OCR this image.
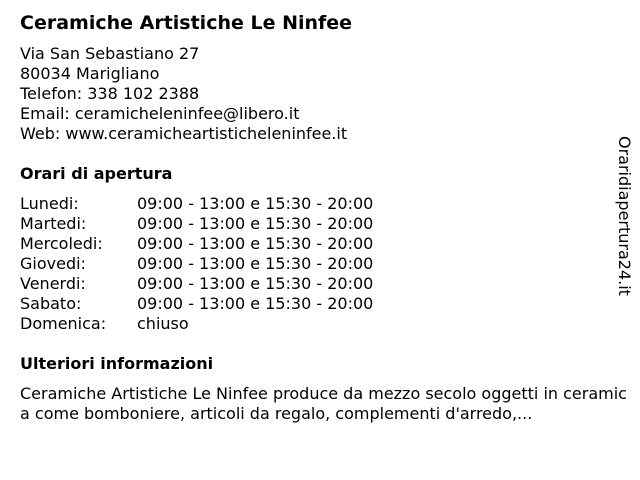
Ceramiche Artistiche Le Ninfee
Via San Sebastiano 27
80034 Marigliano
Telefon: 338 102 2388
Email: ceramicheleninfee@libero.it
Web: www.ceramicheartisticheleninfee.it
Orari di apertura
Lunedi:	09:00 - 13:00 e 15:30 - 20:00
Martedi:	09:00 - 13:00 e 15:30 - 20:00
Mercoledi: 09:00 - 13:00 e 15:30 - 20:00
Giovedi:	09:00 - 13:00 e 15:30 - 20:00
Venerdi:	09:00 - 13:00 e 15:30 - 20:00
Sabato:	09:00 - 13:00 e 15:30 - 20:00
Domenica: chiuso
Ulteriori informazioni
Ceramiche Artistiche Le Ninfee produce da mezzo secolo oggetti in ceramica come bomboniere, articoli da regalo, complementi d'arredo,...
Oraridiapertura24.it
